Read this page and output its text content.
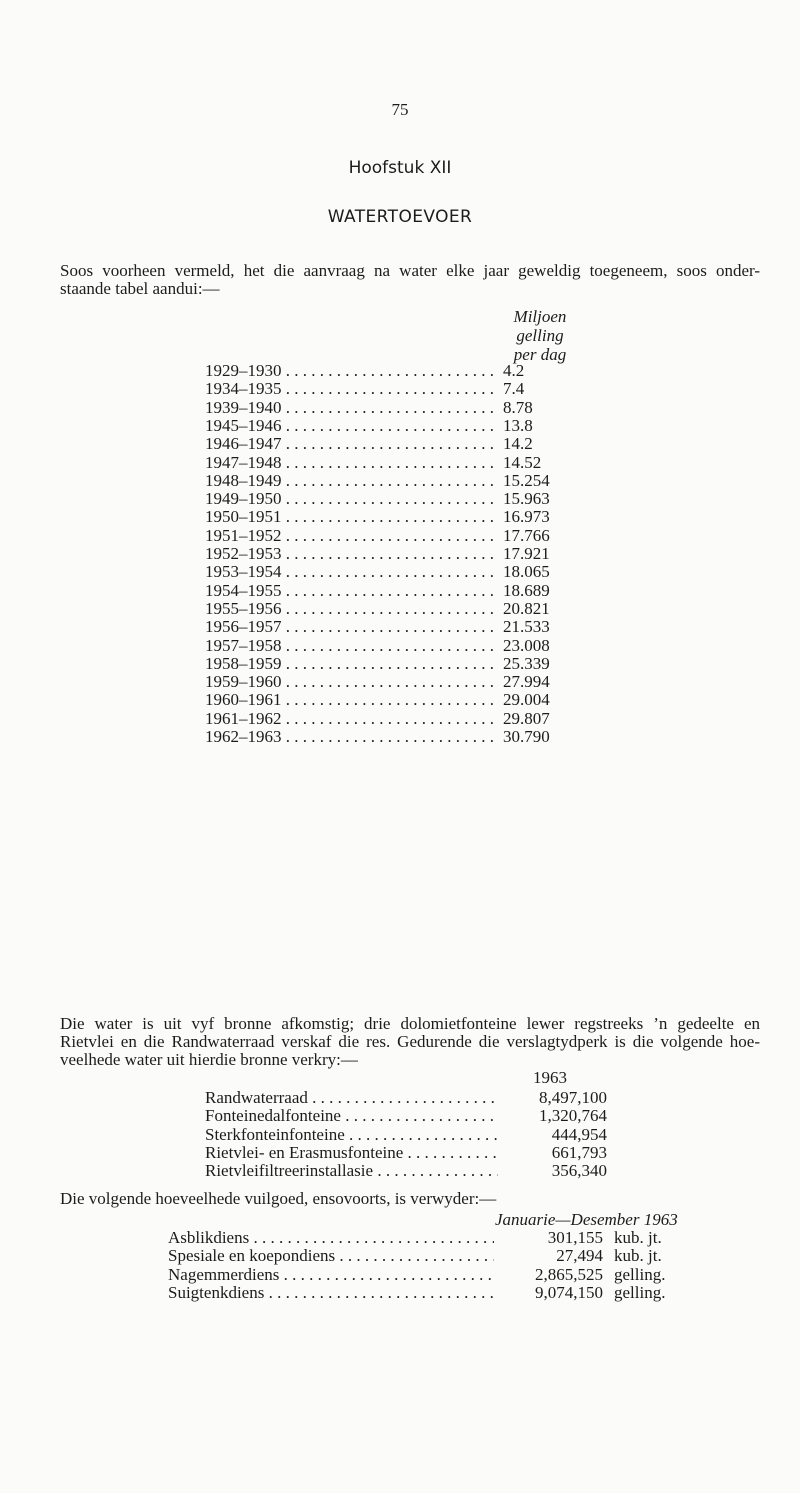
75
Hoofstuk XII
WATERTOEVOER
Soos voorheen vermeld, het die aanvraag na water elke jaar geweldig toegeneem, soos onder-
staande tabel aandui:—
Miljoen
gelling
per dag
1929–1930 . . .	4.2
1934–1935 . . .	7.4
1939–1940 . . .	8.78
1945–1946 . . .	13.8
1946–1947 . . .	14.2
1947–1948 . . .	14.52
1948–1949 . . .	15.254
1949–1950 . . .	15.963
1950–1951 . . .	16.973
1951–1952 . . .	17.766
1952–1953 . . .	17.921
1953–1954 . . .	18.065
1954–1955 . . .	18.689
1955–1956 . . .	20.821
1956–1957 . . .	21.533
1957–1958 . . .	23.008
1958–1959 . . .	25.339
1959–1960 . . .	27.994
1960–1961 . . .	29.004
1961–1962 . . .	29.807
1962–1963 . . .	30.790
Die water is uit vyf bronne afkomstig; drie dolomietfonteine lewer regstreeks ’n gedeelte en
Rietvlei en die Randwaterraad verskaf die res. Gedurende die verslagtydperk is die volgende hoe-
veelhede water uit hierdie bronne verkry:—
1963
Randwaterraad . . .	8,497,100
Fonteinedalfonteine . . .	1,320,764
Sterkfonteinfonteine . . .	444,954
Rietvlei- en Erasmusfonteine . . .	661,793
Rietvleifiltreerinstallasie . . .	356,340
Die volgende hoeveelhede vuilgoed, ensovoorts, is verwyder:—
Januarie—Desember 1963
Asblikdiens . . .	301,155 kub. jt.
Spesiale en koepondiens . . .	27,494 kub. jt.
Nagemmerdiens . . .	2,865,525 gelling.
Suigtenkdiens . . .	9,074,150 gelling.
